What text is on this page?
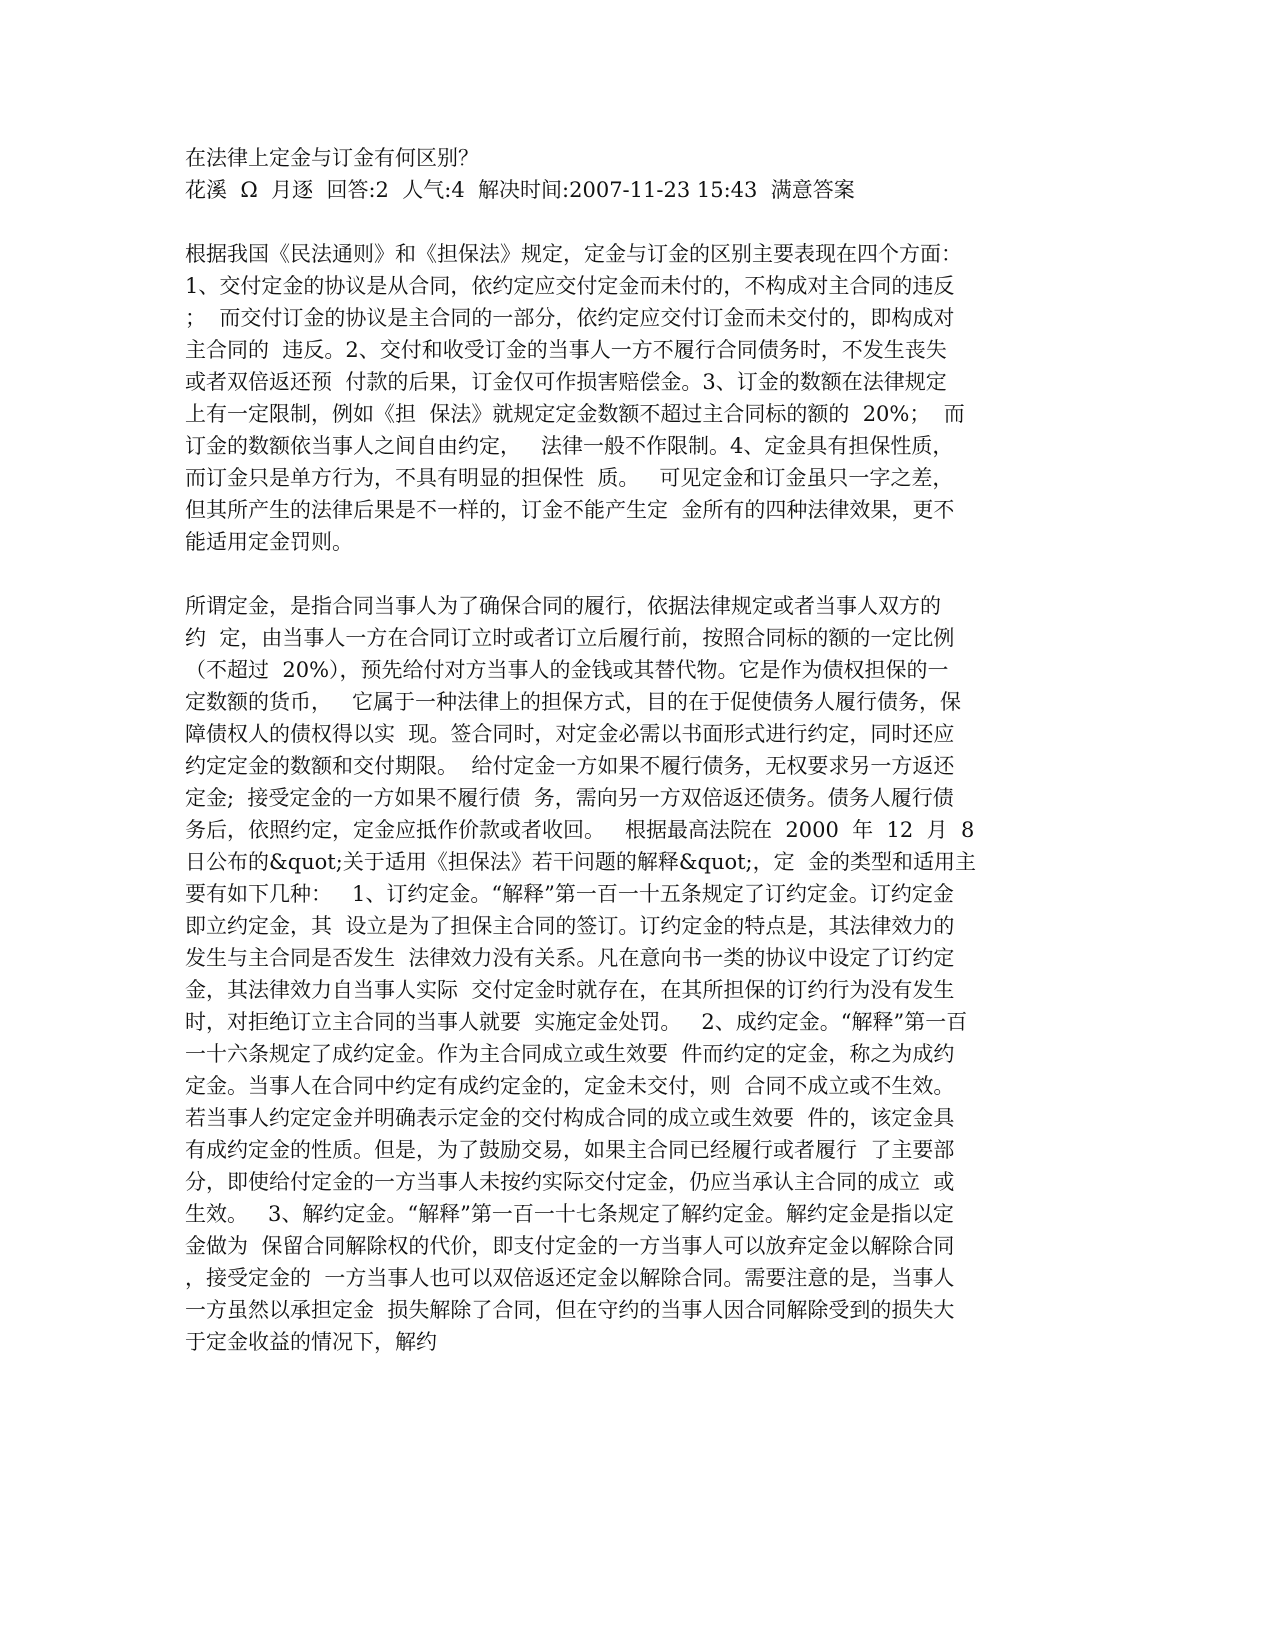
在法律上定金与订金有何区别？
花溪  Ω  月逐  回答:2  人气:4  解决时间:2007-11-23 15:43  满意答案
根据我国《民法通则》和《担保法》规定，定金与订金的区别主要表现在四个方面：
1、交付定金的协议是从合同，依约定应交付定金而未付的，不构成对主合同的违反
；  而交付订金的协议是主合同的一部分，依约定应交付订金而未交付的，即构成对
主合同的  违反。2、交付和收受订金的当事人一方不履行合同债务时，不发生丧失
或者双倍返还预  付款的后果，订金仅可作损害赔偿金。3、订金的数额在法律规定
上有一定限制，例如《担  保法》就规定定金数额不超过主合同标的额的  20%；  而
订金的数额依当事人之间自由约定，   法律一般不作限制。4、定金具有担保性质，
而订金只是单方行为，不具有明显的担保性  质。   可见定金和订金虽只一字之差，
但其所产生的法律后果是不一样的，订金不能产生定  金所有的四种法律效果，更不
能适用定金罚则。
所谓定金，是指合同当事人为了确保合同的履行，依据法律规定或者当事人双方的
约  定，由当事人一方在合同订立时或者订立后履行前，按照合同标的额的一定比例
（不超过  20%），预先给付对方当事人的金钱或其替代物。它是作为债权担保的一
定数额的货币，   它属于一种法律上的担保方式，目的在于促使债务人履行债务，保
障债权人的债权得以实  现。签合同时，对定金必需以书面形式进行约定，同时还应
约定定金的数额和交付期限。  给付定金一方如果不履行债务，无权要求另一方返还
定金;  接受定金的一方如果不履行债  务，需向另一方双倍返还债务。债务人履行债
务后，依照约定，定金应抵作价款或者收回。   根据最高法院在  2000  年  12  月  8
日公布的&quot;关于适用《担保法》若干问题的解释&quot;，定  金的类型和适用主
要有如下几种：   1、订约定金。“解释”第一百一十五条规定了订约定金。订约定金
即立约定金，其  设立是为了担保主合同的签订。订约定金的特点是，其法律效力的
发生与主合同是否发生  法律效力没有关系。凡在意向书一类的协议中设定了订约定
金，其法律效力自当事人实际  交付定金时就存在，在其所担保的订约行为没有发生
时，对拒绝订立主合同的当事人就要  实施定金处罚。   2、成约定金。“解释”第一百
一十六条规定了成约定金。作为主合同成立或生效要  件而约定的定金，称之为成约
定金。当事人在合同中约定有成约定金的，定金未交付，则  合同不成立或不生效。
若当事人约定定金并明确表示定金的交付构成合同的成立或生效要  件的，该定金具
有成约定金的性质。但是，为了鼓励交易，如果主合同已经履行或者履行  了主要部
分，即使给付定金的一方当事人未按约实际交付定金，仍应当承认主合同的成立  或
生效。   3、解约定金。“解释”第一百一十七条规定了解约定金。解约定金是指以定
金做为  保留合同解除权的代价，即支付定金的一方当事人可以放弃定金以解除合同
，接受定金的  一方当事人也可以双倍返还定金以解除合同。需要注意的是，当事人
一方虽然以承担定金  损失解除了合同，但在守约的当事人因合同解除受到的损失大
于定金收益的情况下，解约
